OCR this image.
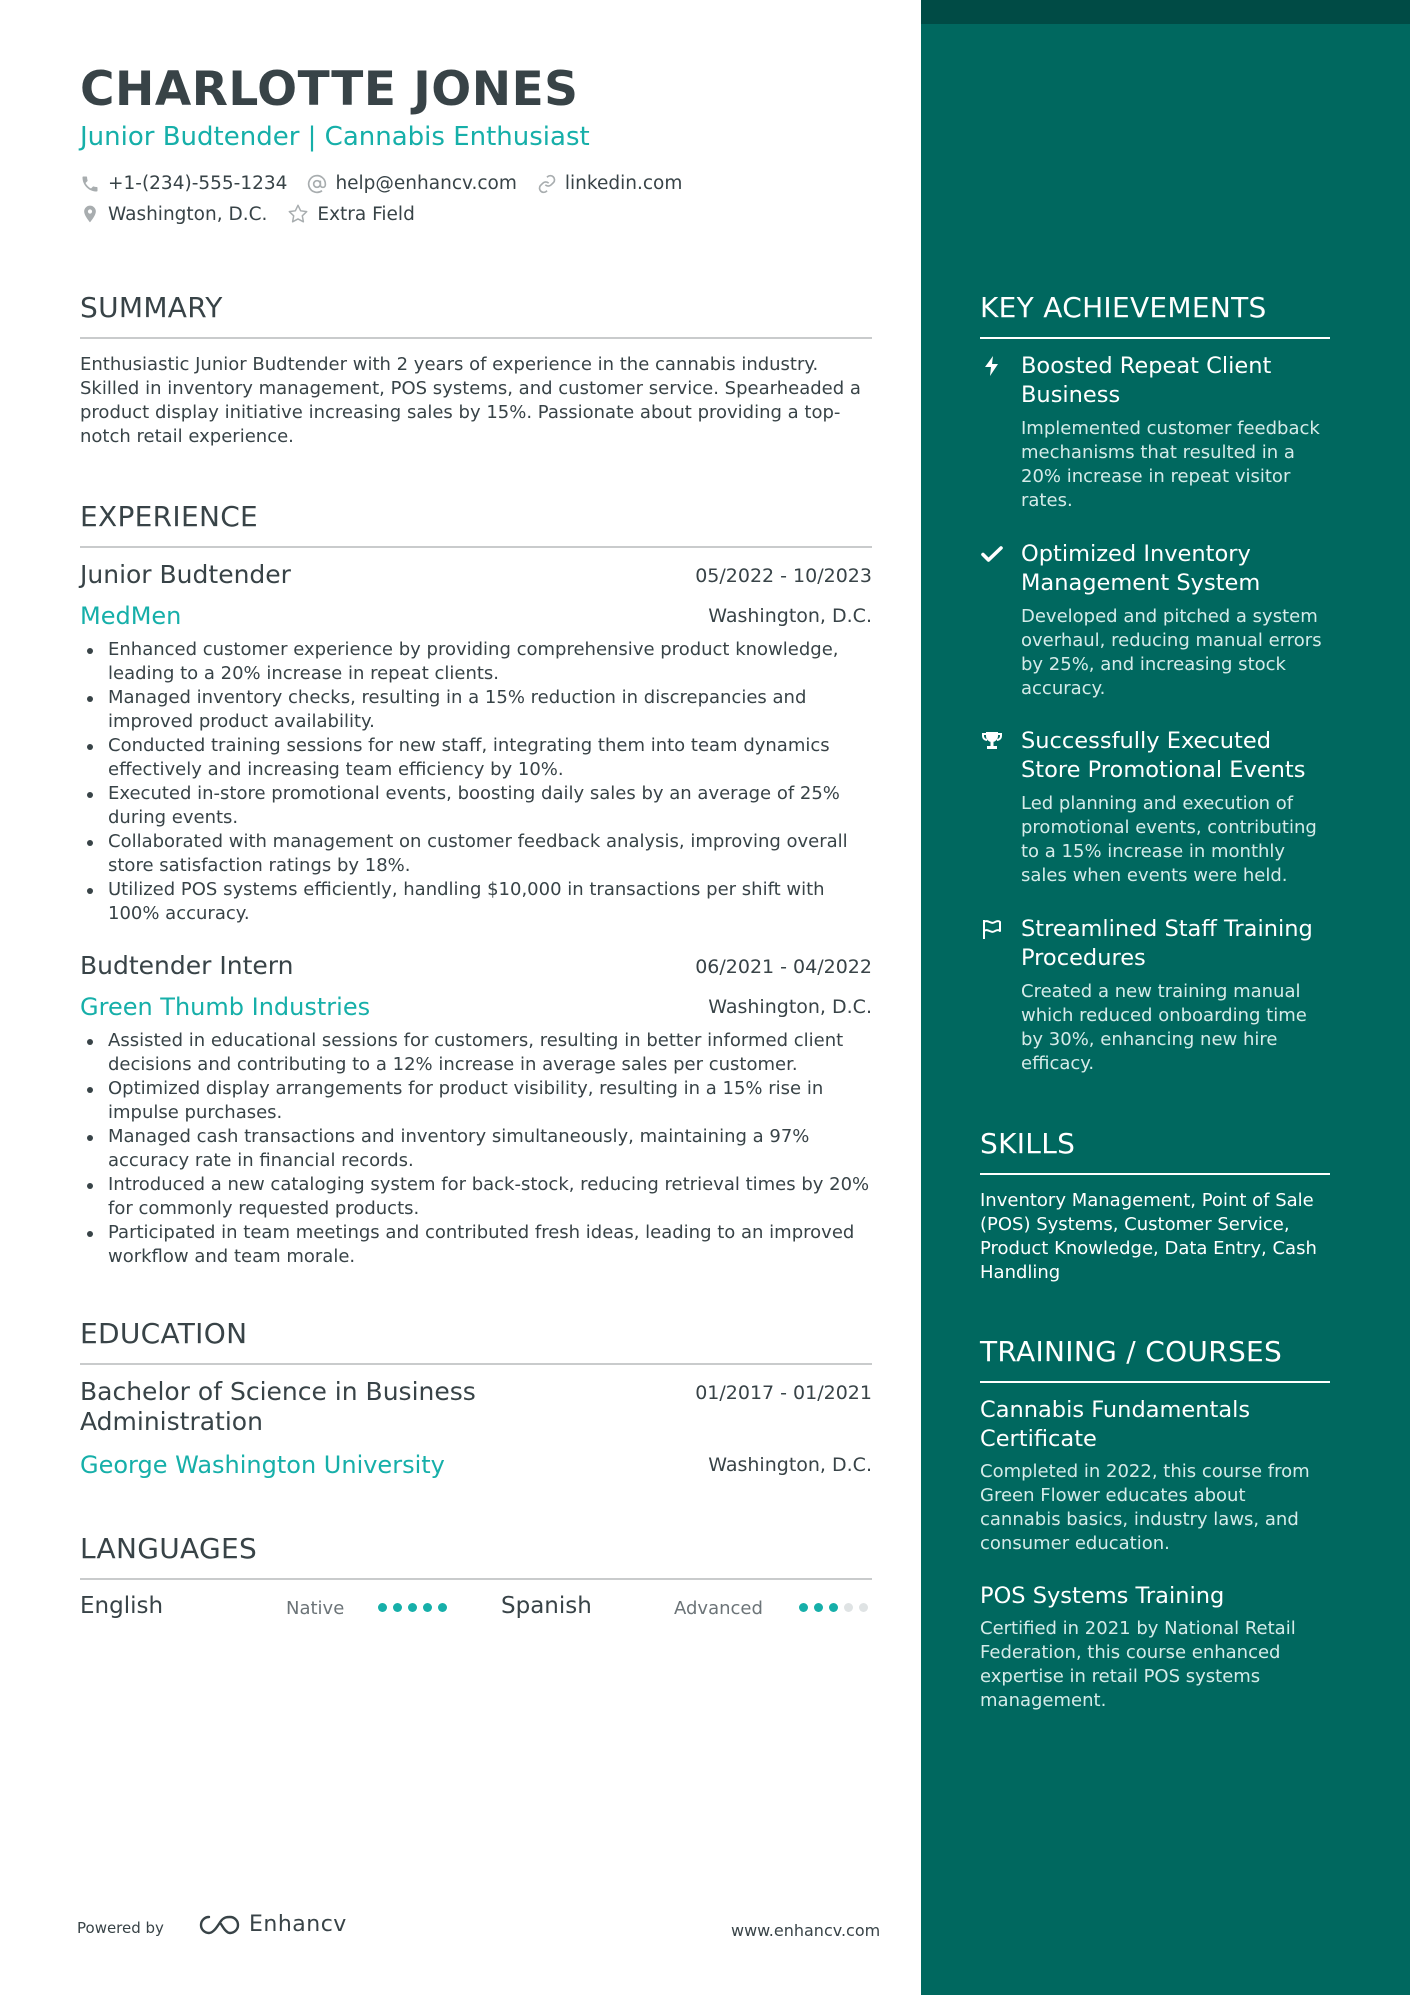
CHARLOTTE JONES
Junior Budtender | Cannabis Enthusiast
+1-(234)-555-1234	help@enhancv.com	linkedin.com
Washington, D.C.	Extra Field
SUMMARY
Enthusiastic Junior Budtender with 2 years of experience in the cannabis industry. Skilled in inventory management, POS systems, and customer service. Spearheaded a product display initiative increasing sales by 15%. Passionate about providing a top-notch retail experience.
EXPERIENCE
Junior Budtender	05/2022 - 10/2023
MedMen	Washington, D.C.
Enhanced customer experience by providing comprehensive product knowledge, leading to a 20% increase in repeat clients.
Managed inventory checks, resulting in a 15% reduction in discrepancies and improved product availability.
Conducted training sessions for new staff, integrating them into team dynamics effectively and increasing team efficiency by 10%.
Executed in-store promotional events, boosting daily sales by an average of 25% during events.
Collaborated with management on customer feedback analysis, improving overall store satisfaction ratings by 18%.
Utilized POS systems efficiently, handling $10,000 in transactions per shift with 100% accuracy.
Budtender Intern	06/2021 - 04/2022
Green Thumb Industries	Washington, D.C.
Assisted in educational sessions for customers, resulting in better informed client decisions and contributing to a 12% increase in average sales per customer.
Optimized display arrangements for product visibility, resulting in a 15% rise in impulse purchases.
Managed cash transactions and inventory simultaneously, maintaining a 97% accuracy rate in financial records.
Introduced a new cataloging system for back-stock, reducing retrieval times by 20% for commonly requested products.
Participated in team meetings and contributed fresh ideas, leading to an improved workflow and team morale.
EDUCATION
Bachelor of Science in Business Administration
01/2017 - 01/2021
George Washington University	Washington, D.C.
LANGUAGES
English	Native	Spanish	Advanced
Powered by	Enhancv	www.enhancv.com
KEY ACHIEVEMENTS
Boosted Repeat Client Business
Implemented customer feedback mechanisms that resulted in a 20% increase in repeat visitor rates.
Optimized Inventory Management System
Developed and pitched a system overhaul, reducing manual errors by 25%, and increasing stock accuracy.
Successfully Executed Store Promotional Events
Led planning and execution of promotional events, contributing to a 15% increase in monthly sales when events were held.
Streamlined Staff Training Procedures
Created a new training manual which reduced onboarding time by 30%, enhancing new hire efficacy.
SKILLS
Inventory Management, Point of Sale (POS) Systems, Customer Service, Product Knowledge, Data Entry, Cash Handling
TRAINING / COURSES
Cannabis Fundamentals Certificate
Completed in 2022, this course from Green Flower educates about cannabis basics, industry laws, and consumer education.
POS Systems Training
Certified in 2021 by National Retail Federation, this course enhanced expertise in retail POS systems management.
